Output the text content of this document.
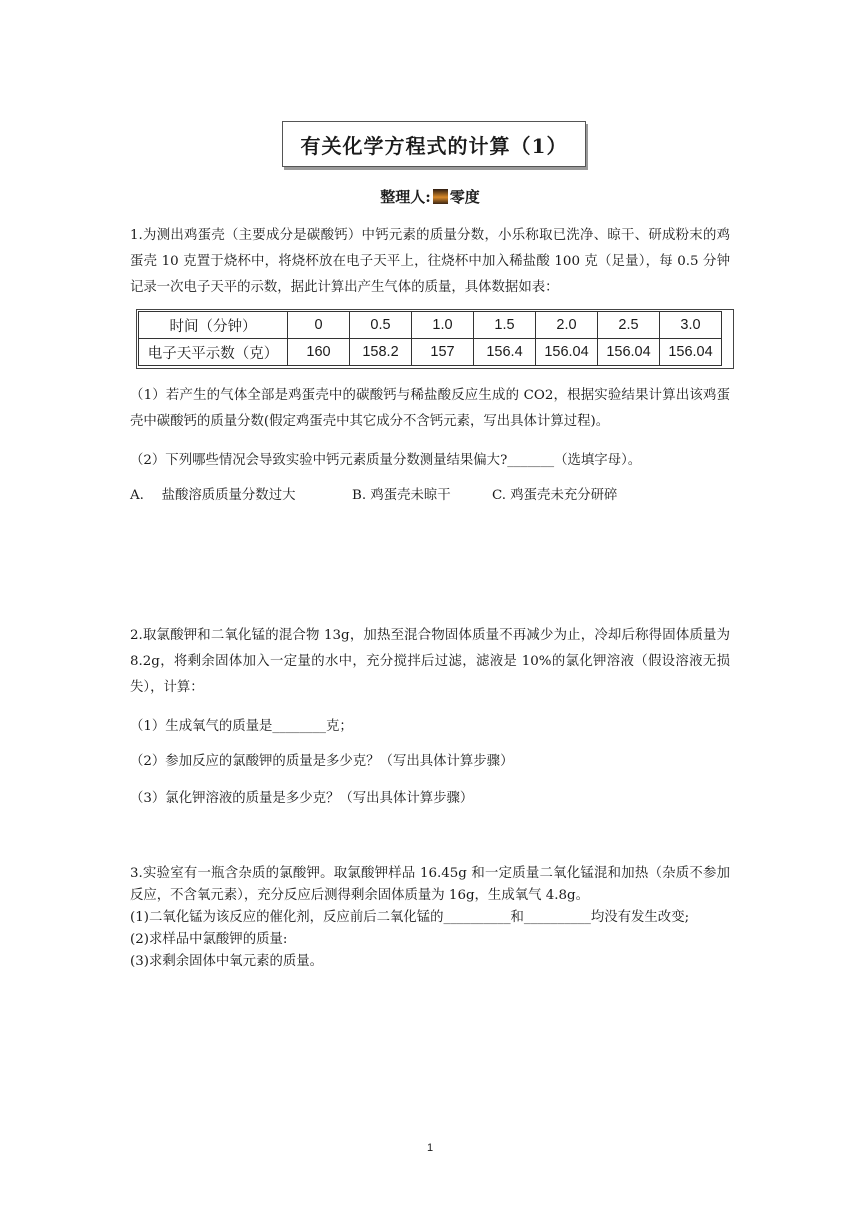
有关化学方程式的计算（1）
整理人: 零度
1.为测出鸡蛋壳（主要成分是碳酸钙）中钙元素的质量分数，小乐称取已洗净、晾干、研成粉末的鸡蛋壳 10 克置于烧杯中，将烧杯放在电子天平上，往烧杯中加入稀盐酸 100 克（足量），每 0.5 分钟记录一次电子天平的示数，据此计算出产生气体的质量，具体数据如表：
时间（分钟）	0	0.5	1.0	1.5	2.0	2.5	3.0
电子天平示数（克）	160	158.2	157	156.4	156.04	156.04	156.04
（1）若产生的气体全部是鸡蛋壳中的碳酸钙与稀盐酸反应生成的 CO2，根据实验结果计算出该鸡蛋壳中碳酸钙的质量分数(假定鸡蛋壳中其它成分不含钙元素，写出具体计算过程)。
（2）下列哪些情况会导致实验中钙元素质量分数测量结果偏大?_______（选填字母）。
A.　 盐酸溶质质量分数过大	B. 鸡蛋壳未晾干	C. 鸡蛋壳未充分研碎
2.取氯酸钾和二氧化锰的混合物 13g，加热至混合物固体质量不再减少为止，冷却后称得固体质量为 8.2g，将剩余固体加入一定量的水中，充分搅拌后过滤，滤液是 10%的氯化钾溶液（假设溶液无损失），计算：
（1）生成氧气的质量是________克；
（2）参加反应的氯酸钾的质量是多少克？（写出具体计算步骤）
（3）氯化钾溶液的质量是多少克？（写出具体计算步骤）

3.实验室有一瓶含杂质的氯酸钾。取氯酸钾样品 16.45g 和一定质量二氧化锰混和加热（杂质不参加反应，不含氧元素），充分反应后测得剩余固体质量为 16g，生成氧气 4.8g。

(1)二氧化锰为该反应的催化剂，反应前后二氧化锰的__________和__________均没有发生改变;

(2)求样品中氯酸钾的质量:

(3)求剩余固体中氧元素的质量。

1
